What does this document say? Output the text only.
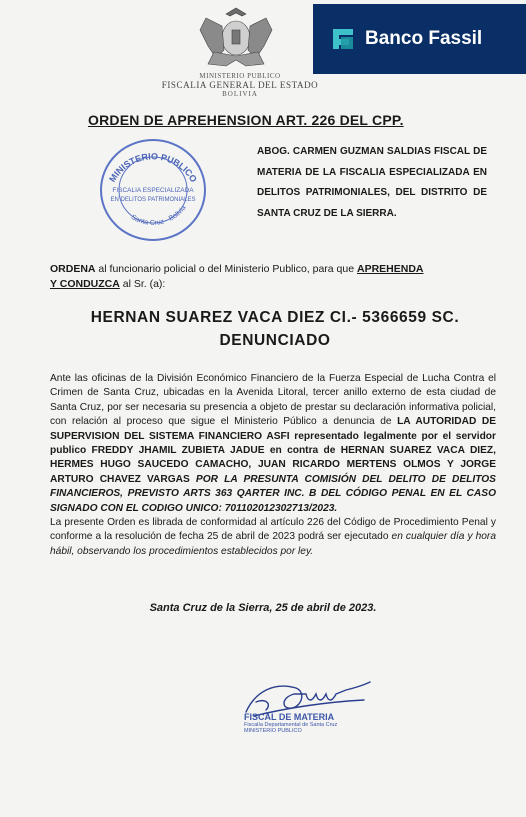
MINISTERIO PUBLICO
FISCALIA GENERAL DEL ESTADO
BOLIVIA
Banco Fassil
ORDEN DE APREHENSION ART. 226 DEL CPP.
MINISTERIO PUBLICO
Santa Cruz - Bolivia
FISCALIA ESPECIALIZADA
EN DELITOS PATRIMONIALES
ABOG. CARMEN GUZMAN SALDIAS FISCAL DE MATERIA DE LA FISCALIA ESPECIALIZADA EN DELITOS PATRIMONIALES, DEL DISTRITO DE SANTA CRUZ DE LA SIERRA.
ORDENA al funcionario policial o del Ministerio Publico, para que APREHENDA
Y CONDUZCA al Sr. (a):
HERNAN SUAREZ VACA DIEZ CI.- 5366659 SC.
DENUNCIADO
Ante las oficinas de la División Económico Financiero de la Fuerza Especial de Lucha Contra el Crimen de Santa Cruz, ubicadas en la Avenida Litoral, tercer anillo externo de esta ciudad de Santa Cruz, por ser necesaria su presencia a objeto de prestar su declaración informativa policial, con relación al proceso que sigue el Ministerio Público a denuncia de LA AUTORIDAD DE SUPERVISION DEL SISTEMA FINANCIERO ASFI representado legalmente por el servidor publico FREDDY JHAMIL ZUBIETA JADUE en contra de HERNAN SUAREZ VACA DIEZ, HERMES HUGO SAUCEDO CAMACHO, JUAN RICARDO MERTENS OLMOS Y JORGE ARTURO CHAVEZ VARGAS POR LA PRESUNTA COMISIÓN DEL DELITO DE DELITOS FINANCIEROS, PREVISTO ARTS 363 QARTER INC. B DEL CÓDIGO PENAL EN EL CASO SIGNADO CON EL CODIGO UNICO: 701102012302713/2023.
La presente Orden es librada de conformidad al artículo 226 del Código de Procedimiento Penal y conforme a la resolución de fecha 25 de abril de 2023 podrá ser ejecutado en cualquier día y hora hábil, observando los procedimientos establecidos por ley.
Santa Cruz de la Sierra, 25 de abril de 2023.
FISCAL DE MATERIA
Fiscalía Departamental de Santa Cruz
MINISTERIO PUBLICO
